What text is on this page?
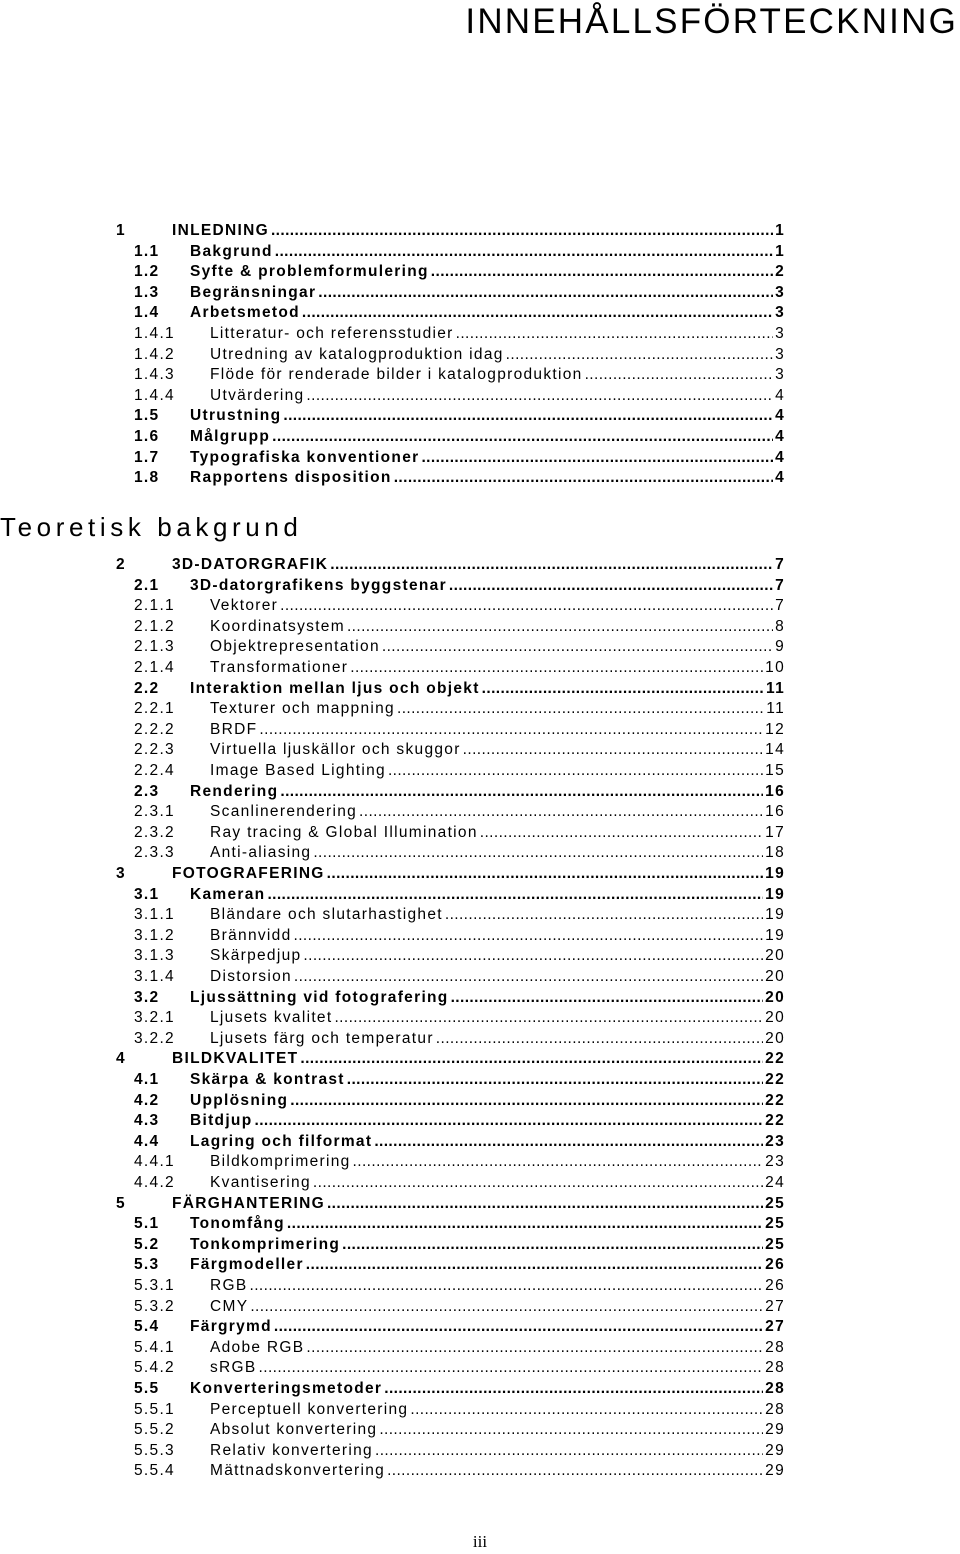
INNEHÅLLSFÖRTECKNING
1	INLEDNING .....	1
1.1 Bakgrund .....	1
1.2 Syfte & problemformulering .....	2
1.3 Begränsningar .....	3
1.4 Arbetsmetod .....	3
1.4.1 Litteratur- och referensstudier .....	3
1.4.2 Utredning av katalogproduktion idag .....	3
1.4.3 Flöde för renderade bilder i katalogproduktion .....	3
1.4.4 Utvärdering .....	4
1.5 Utrustning .....	4
1.6 Målgrupp .....	4
1.7 Typografiska konventioner .....	4
1.8 Rapportens disposition .....	4
Teoretisk bakgrund
2	3D-DATORGRAFIK .....	7
2.1 3D-datorgrafikens byggstenar .....	7
2.1.1 Vektorer .....	7
2.1.2 Koordinatsystem .....	8
2.1.3 Objektrepresentation .....	9
2.1.4 Transformationer .....	10
2.2 Interaktion mellan ljus och objekt .....	11
2.2.1 Texturer och mappning .....	11
2.2.2 BRDF .....	12
2.2.3 Virtuella ljuskällor och skuggor .....	14
2.2.4 Image Based Lighting .....	15
2.3 Rendering .....	16
2.3.1 Scanlinerendering .....	16
2.3.2 Ray tracing & Global Illumination .....	17
2.3.3 Anti-aliasing .....	18
3	FOTOGRAFERING .....	19
3.1 Kameran .....	19
3.1.1 Bländare och slutarhastighet .....	19
3.1.2 Brännvidd .....	19
3.1.3 Skärpedjup .....	20
3.1.4 Distorsion .....	20
3.2 Ljussättning vid fotografering .....	20
3.2.1 Ljusets kvalitet .....	20
3.2.2 Ljusets färg och temperatur .....	20
4	BILDKVALITET .....	22
4.1 Skärpa & kontrast .....	22
4.2 Upplösning .....	22
4.3 Bitdjup .....	22
4.4 Lagring och filformat .....	23
4.4.1 Bildkomprimering .....	23
4.4.2 Kvantisering .....	24
5	FÄRGHANTERING .....	25
5.1 Tonomfång .....	25
5.2 Tonkomprimering .....	25
5.3 Färgmodeller .....	26
5.3.1 RGB .....	26
5.3.2 CMY .....	27
5.4 Färgrymd .....	27
5.4.1 Adobe RGB .....	28
5.4.2 sRGB .....	28
5.5 Konverteringsmetoder .....	28
5.5.1 Perceptuell konvertering .....	28
5.5.2 Absolut konvertering .....	29
5.5.3 Relativ konvertering .....	29
5.5.4 Mättnadskonvertering .....	29
iii
